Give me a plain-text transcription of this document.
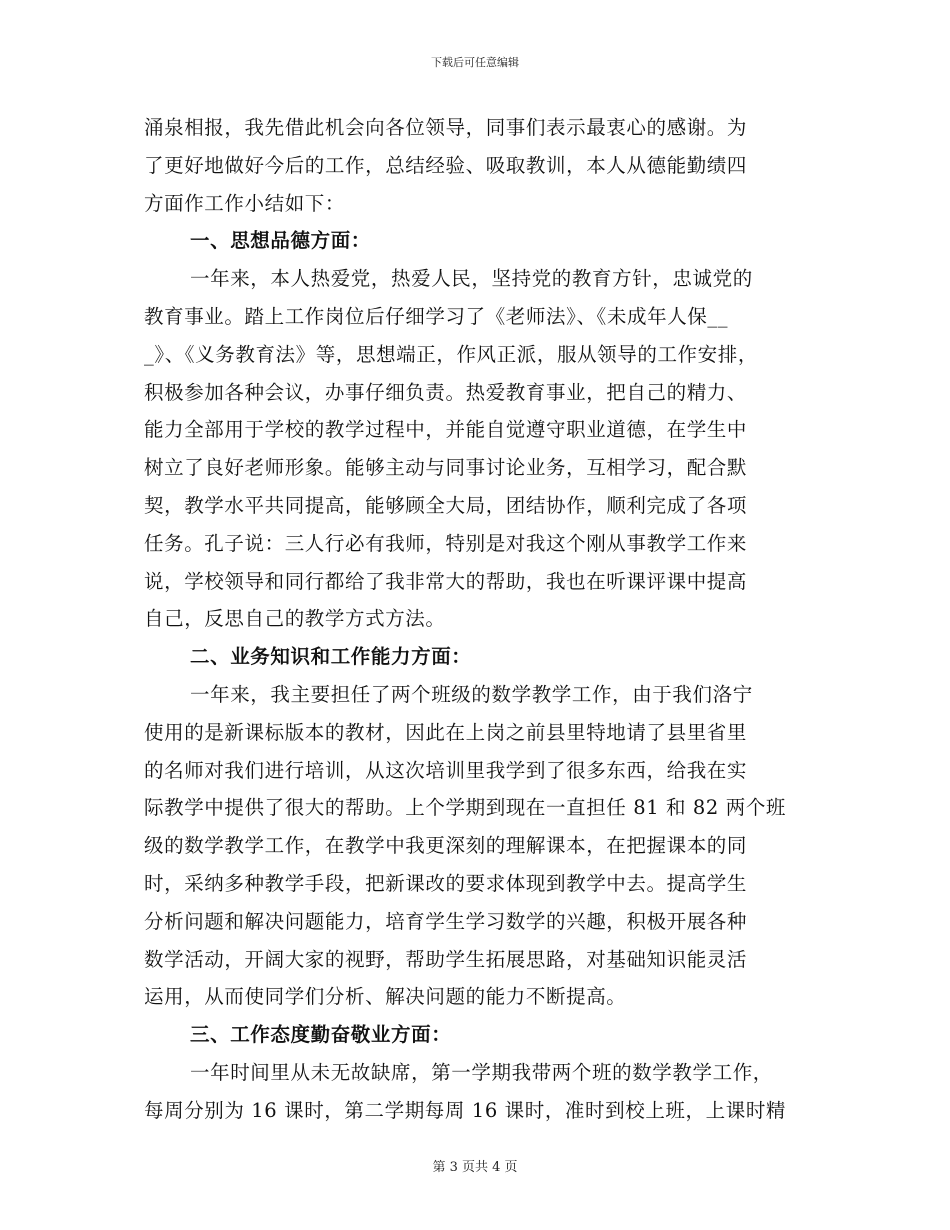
下载后可任意编辑
涌泉相报，我先借此机会向各位领导，同事们表示最衷心的感谢。为
了更好地做好今后的工作，总结经验、吸取教训，本人从德能勤绩四
方面作工作小结如下：
一、思想品德方面：
一年来，本人热爱党，热爱人民，坚持党的教育方针，忠诚党的
教育事业。踏上工作岗位后仔细学习了《老师法》、《未成年人保__
_》、《义务教育法》等，思想端正，作风正派，服从领导的工作安排，
积极参加各种会议，办事仔细负责。热爱教育事业，把自己的精力、
能力全部用于学校的教学过程中，并能自觉遵守职业道德，在学生中
树立了良好老师形象。能够主动与同事讨论业务，互相学习，配合默
契，教学水平共同提高，能够顾全大局，团结协作，顺利完成了各项
任务。孔子说：三人行必有我师，特别是对我这个刚从事教学工作来
说，学校领导和同行都给了我非常大的帮助，我也在听课评课中提高
自己，反思自己的教学方式方法。
二、业务知识和工作能力方面：
一年来，我主要担任了两个班级的数学教学工作，由于我们洛宁
使用的是新课标版本的教材，因此在上岗之前县里特地请了县里省里
的名师对我们进行培训，从这次培训里我学到了很多东西，给我在实
际教学中提供了很大的帮助。上个学期到现在一直担任 81 和 82 两个班
级的数学教学工作，在教学中我更深刻的理解课本，在把握课本的同
时，采纳多种教学手段，把新课改的要求体现到教学中去。提高学生
分析问题和解决问题能力，培育学生学习数学的兴趣，积极开展各种
数学活动，开阔大家的视野，帮助学生拓展思路，对基础知识能灵活
运用，从而使同学们分析、解决问题的能力不断提高。
三、工作态度勤奋敬业方面：
一年时间里从未无故缺席，第一学期我带两个班的数学教学工作，
每周分别为 16 课时，第二学期每周 16 课时，准时到校上班，上课时精
第 3 页共 4 页
